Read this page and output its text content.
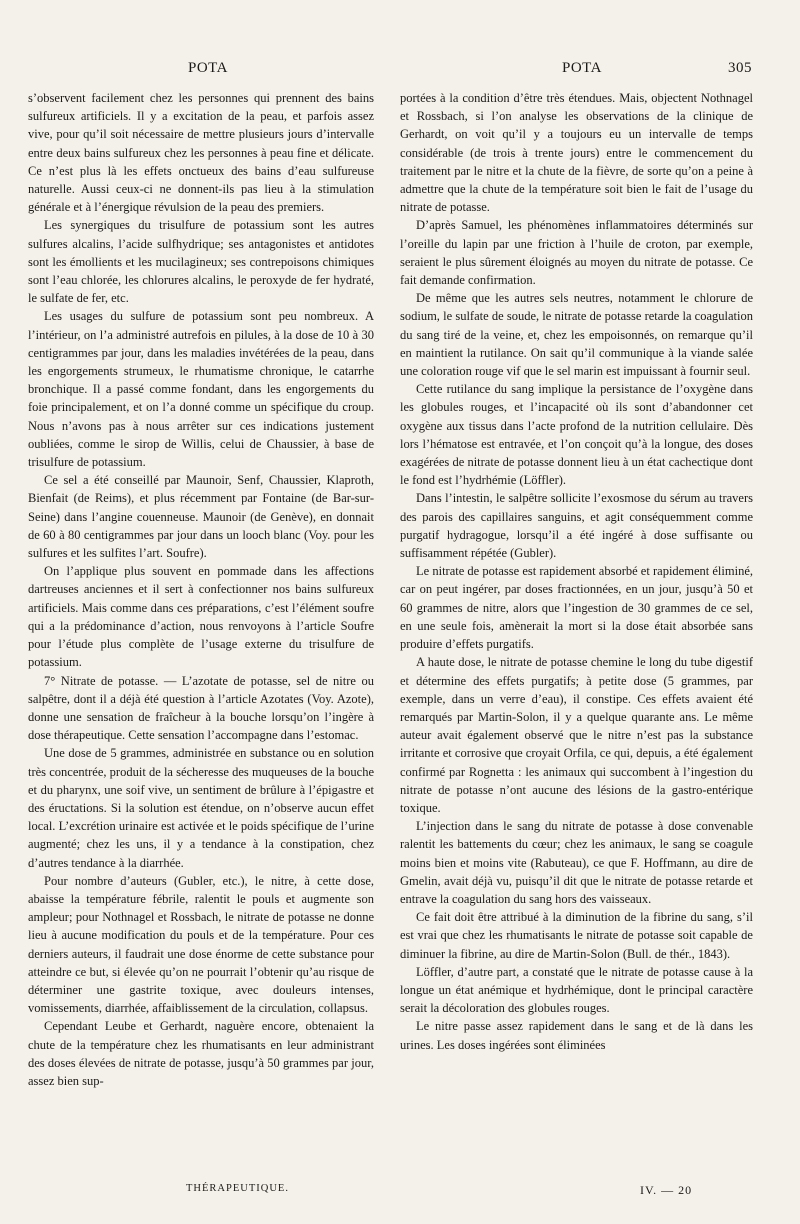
POTA	POTA	305

s’observent facilement chez les personnes qui prennent des bains sulfureux artificiels. Il y a excitation de la peau, et parfois assez vive, pour qu’il soit nécessaire de mettre plusieurs jours d’intervalle entre deux bains sulfureux chez les personnes à peau fine et délicate. Ce n’est plus là les effets onctueux des bains d’eau sulfureuse naturelle. Aussi ceux-ci ne donnent-ils pas lieu à la stimulation générale et à l’énergique révulsion de la peau des premiers.

Les synergiques du trisulfure de potassium sont les autres sulfures alcalins, l’acide sulfhydrique; ses antagonistes et antidotes sont les émollients et les mucilagineux; ses contrepoisons chimiques sont l’eau chlorée, les chlorures alcalins, le peroxyde de fer hydraté, le sulfate de fer, etc.

Les usages du sulfure de potassium sont peu nombreux. A l’intérieur, on l’a administré autrefois en pilules, à la dose de 10 à 30 centigrammes par jour, dans les maladies invétérées de la peau, dans les engorgements strumeux, le rhumatisme chronique, le catarrhe bronchique. Il a passé comme fondant, dans les engorgements du foie principalement, et on l’a donné comme un spécifique du croup. Nous n’avons pas à nous arrêter sur ces indications justement oubliées, comme le sirop de Willis, celui de Chaussier, à base de trisulfure de potassium.

Ce sel a été conseillé par Maunoir, Senf, Chaussier, Klaproth, Bienfait (de Reims), et plus récemment par Fontaine (de Bar-sur-Seine) dans l’angine couenneuse. Maunoir (de Genève), en donnait de 60 à 80 centigrammes par jour dans un looch blanc (Voy. pour les sulfures et les sulfites l’art. Soufre).

On l’applique plus souvent en pommade dans les affections dartreuses anciennes et il sert à confectionner nos bains sulfureux artificiels. Mais comme dans ces préparations, c’est l’élément soufre qui a la prédominance d’action, nous renvoyons à l’article Soufre pour l’étude plus complète de l’usage externe du trisulfure de potassium.

7° Nitrate de potasse. — L’azotate de potasse, sel de nitre ou salpêtre, dont il a déjà été question à l’article Azotates (Voy. Azote), donne une sensation de fraîcheur à la bouche lorsqu’on l’ingère à dose thérapeutique. Cette sensation l’accompagne dans l’estomac.

Une dose de 5 grammes, administrée en substance ou en solution très concentrée, produit de la sécheresse des muqueuses de la bouche et du pharynx, une soif vive, un sentiment de brûlure à l’épigastre et des éructations. Si la solution est étendue, on n’observe aucun effet local. L’excrétion urinaire est activée et le poids spécifique de l’urine augmenté; chez les uns, il y a tendance à la constipation, chez d’autres tendance à la diarrhée.

Pour nombre d’auteurs (Gubler, etc.), le nitre, à cette dose, abaisse la température fébrile, ralentit le pouls et augmente son ampleur; pour Nothnagel et Rossbach, le nitrate de potasse ne donne lieu à aucune modification du pouls et de la température. Pour ces derniers auteurs, il faudrait une dose énorme de cette substance pour atteindre ce but, si élevée qu’on ne pourrait l’obtenir qu’au risque de déterminer une gastrite toxique, avec douleurs intenses, vomissements, diarrhée, affaiblissement de la circulation, collapsus.

Cependant Leube et Gerhardt, naguère encore, obtenaient la chute de la température chez les rhumatisants en leur administrant des doses élevées de nitrate de potasse, jusqu’à 50 grammes par jour, assez bien sup-

portées à la condition d’être très étendues. Mais, objectent Nothnagel et Rossbach, si l’on analyse les observations de la clinique de Gerhardt, on voit qu’il y a toujours eu un intervalle de temps considérable (de trois à trente jours) entre le commencement du traitement par le nitre et la chute de la fièvre, de sorte qu’on a peine à admettre que la chute de la température soit bien le fait de l’usage du nitrate de potasse.

D’après Samuel, les phénomènes inflammatoires déterminés sur l’oreille du lapin par une friction à l’huile de croton, par exemple, seraient le plus sûrement éloignés au moyen du nitrate de potasse. Ce fait demande confirmation.

De même que les autres sels neutres, notamment le chlorure de sodium, le sulfate de soude, le nitrate de potasse retarde la coagulation du sang tiré de la veine, et, chez les empoisonnés, on remarque qu’il en maintient la rutilance. On sait qu’il communique à la viande salée une coloration rouge vif que le sel marin est impuissant à fournir seul.

Cette rutilance du sang implique la persistance de l’oxygène dans les globules rouges, et l’incapacité où ils sont d’abandonner cet oxygène aux tissus dans l’acte profond de la nutrition cellulaire. Dès lors l’hématose est entravée, et l’on conçoit qu’à la longue, des doses exagérées de nitrate de potasse donnent lieu à un état cachectique dont le fond est l’hydrhémie (Löffler).

Dans l’intestin, le salpêtre sollicite l’exosmose du sérum au travers des parois des capillaires sanguins, et agit conséquemment comme purgatif hydragogue, lorsqu’il a été ingéré à dose suffisante ou suffisamment répétée (Gubler).

Le nitrate de potasse est rapidement absorbé et rapidement éliminé, car on peut ingérer, par doses fractionnées, en un jour, jusqu’à 50 et 60 grammes de nitre, alors que l’ingestion de 30 grammes de ce sel, en une seule fois, amènerait la mort si la dose était absorbée sans produire d’effets purgatifs.

A haute dose, le nitrate de potasse chemine le long du tube digestif et détermine des effets purgatifs; à petite dose (5 grammes, par exemple, dans un verre d’eau), il constipe. Ces effets avaient été remarqués par Martin-Solon, il y a quelque quarante ans. Le même auteur avait également observé que le nitre n’est pas la substance irritante et corrosive que croyait Orfila, ce qui, depuis, a été également confirmé par Rognetta : les animaux qui succombent à l’ingestion du nitrate de potasse n’ont aucune des lésions de la gastro-entérique toxique.

L’injection dans le sang du nitrate de potasse à dose convenable ralentit les battements du cœur; chez les animaux, le sang se coagule moins bien et moins vite (Rabuteau), ce que F. Hoffmann, au dire de Gmelin, avait déjà vu, puisqu’il dit que le nitrate de potasse retarde et entrave la coagulation du sang hors des vaisseaux.

Ce fait doit être attribué à la diminution de la fibrine du sang, s’il est vrai que chez les rhumatisants le nitrate de potasse soit capable de diminuer la fibrine, au dire de Martin-Solon (Bull. de thér., 1843).

Löffler, d’autre part, a constaté que le nitrate de potasse cause à la longue un état anémique et hydrhémique, dont le principal caractère serait la décoloration des globules rouges.

Le nitre passe assez rapidement dans le sang et de là dans les urines. Les doses ingérées sont éliminées

THÉRAPEUTIQUE.	IV. — 20
